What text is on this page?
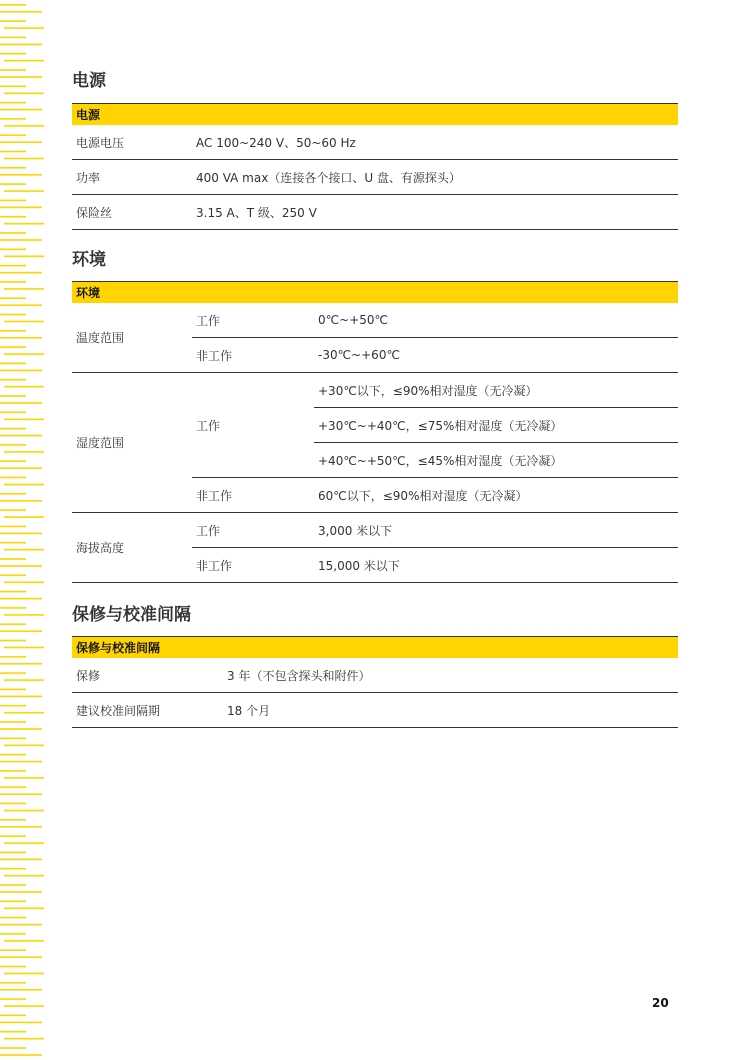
电源
电源	
电源电压	AC 100~240 V、50~60 Hz
功率	400 VA max（连接各个接口、U 盘、有源探头）
保险丝	3.15 A、T 级、250 V
环境
环境		
温度范围	工作	0℃~+50℃
	非工作	-30℃~+60℃
湿度范围	工作	+30℃以下，≤90%相对湿度（无冷凝）
		+30℃~+40℃，≤75%相对湿度（无冷凝）
		+40℃~+50℃，≤45%相对湿度（无冷凝）
	非工作	60℃以下，≤90%相对湿度（无冷凝）
海拔高度	工作	3,000 米以下
	非工作	15,000 米以下
保修与校准间隔
保修与校准间隔	
保修	3 年（不包含探头和附件）
建议校准间隔期	18 个月
20
